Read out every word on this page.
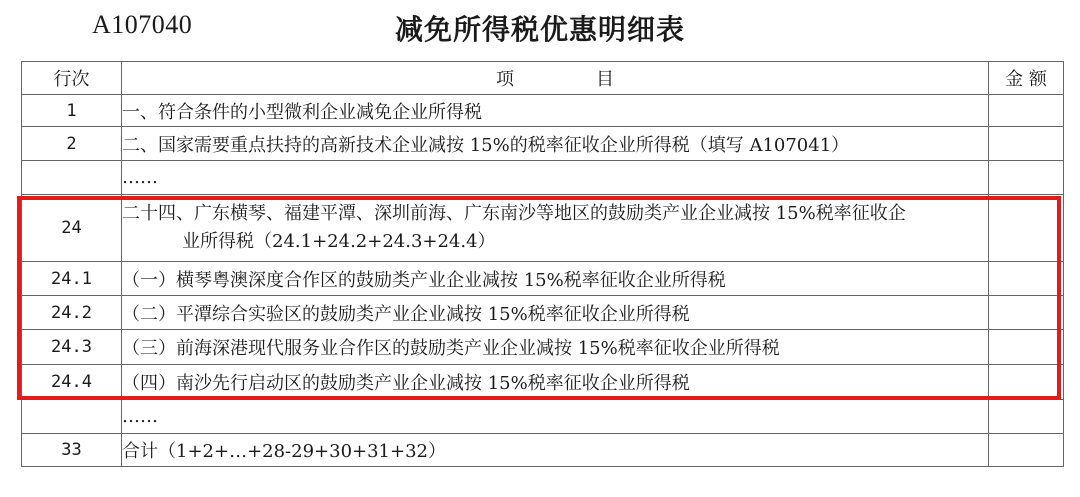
A107040	减免所得税优惠明细表
行次	项 目	金 额
1	一、符合条件的小型微利企业减免企业所得税	
2	二、国家需要重点扶持的高新技术企业减按 15%的税率征收企业所得税（填写 A107041）	
	……	
24	二十四、广东横琴、福建平潭、深圳前海、广东南沙等地区的鼓励类产业企业减按 15%税率征收企
业所得税（24.1+24.2+24.3+24.4）	

24.1	（一）横琴粤澳深度合作区的鼓励类产业企业减按 15%税率征收企业所得税	
24.2	（二）平潭综合实验区的鼓励类产业企业减按 15%税率征收企业所得税	
24.3	（三）前海深港现代服务业合作区的鼓励类产业企业减按 15%税率征收企业所得税	
24.4	（四）南沙先行启动区的鼓励类产业企业减按 15%税率征收企业所得税	
	……	
33	合计（1+2+…+28-29+30+31+32）	
